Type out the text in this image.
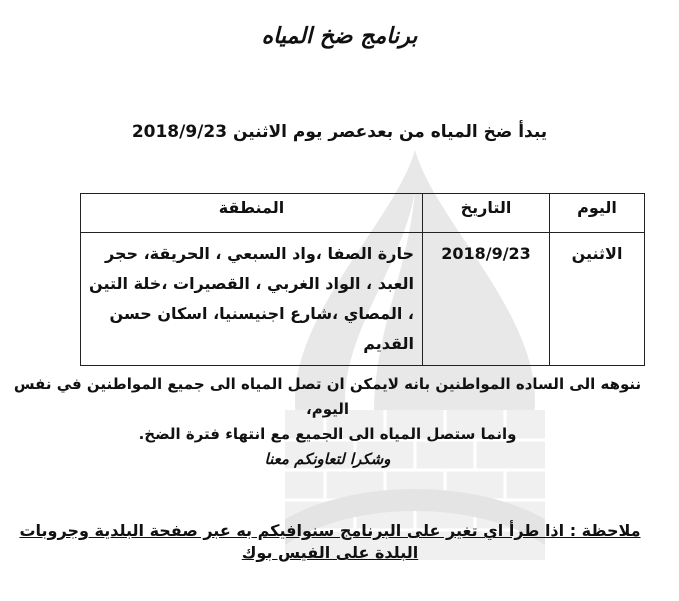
برنامج ضخ المياه
يبدأ ضخ المياه من بعدعصر يوم الاثنين 2018/9/23
اليوم	التاريخ	المنطقة
الاثنين	2018/9/23	حارة الصفا ،واد السبعي ، الحريقة، حجر العبد ، الواد الغربي ، القصيرات ،خلة التين ، المصاي ،شارع اجنيسنيا، اسكان حسن القديم
ننوهه الى الساده المواطنين بانه لايمكن ان تصل المياه الى جميع المواطنين في نفس اليوم،
وانما ستصل المياه الى الجميع مع انتهاء فترة الضخ.
وشكرا لتعاونكم معنا
ملاحظة : اذا طرأ اي تغير على البرنامج سنوافيكم به عبر صفحة البلدية وجروبات
البلدة على الفيس بوك
